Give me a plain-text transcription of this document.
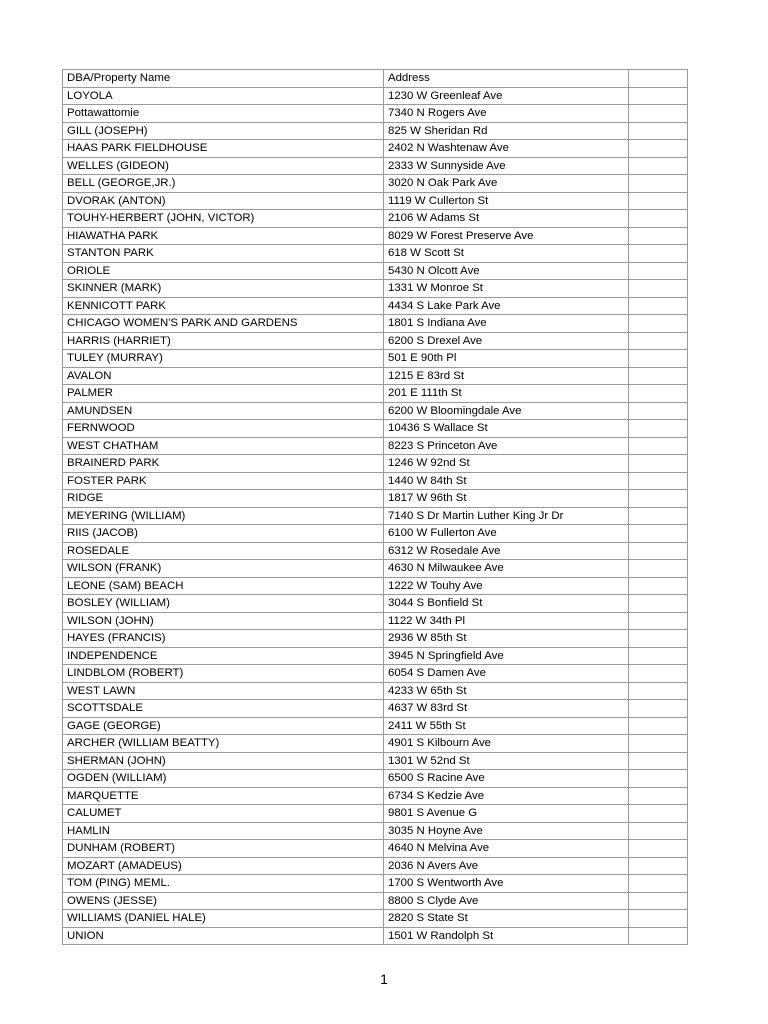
DBA/Property Name	Address	
LOYOLA	1230 W Greenleaf Ave	
Pottawattomie	7340 N Rogers Ave	
GILL (JOSEPH)	825 W Sheridan Rd	
HAAS PARK FIELDHOUSE	2402 N Washtenaw Ave	
WELLES (GIDEON)	2333 W Sunnyside Ave	
BELL (GEORGE,JR.)	3020 N Oak Park Ave	
DVORAK (ANTON)	1119 W Cullerton St	
TOUHY-HERBERT (JOHN, VICTOR)	2106 W Adams St	
HIAWATHA PARK	8029 W Forest Preserve Ave	
STANTON PARK	618 W Scott St	
ORIOLE	5430 N Olcott Ave	
SKINNER (MARK)	1331 W Monroe St	
KENNICOTT PARK	4434 S Lake Park Ave	
CHICAGO WOMEN'S PARK AND GARDENS	1801 S Indiana Ave	
HARRIS (HARRIET)	6200 S Drexel Ave	
TULEY (MURRAY)	501 E 90th Pl	
AVALON	1215 E 83rd St	
PALMER	201 E 111th St	
AMUNDSEN	6200 W Bloomingdale Ave	
FERNWOOD	10436 S Wallace St	
WEST CHATHAM	8223 S Princeton Ave	
BRAINERD PARK	1246 W 92nd St	
FOSTER PARK	1440 W 84th St	
RIDGE	1817 W 96th St	
MEYERING (WILLIAM)	7140 S Dr Martin Luther King Jr Dr	
RIIS (JACOB)	6100 W Fullerton Ave	
ROSEDALE	6312 W Rosedale Ave	
WILSON (FRANK)	4630 N Milwaukee Ave	
LEONE (SAM) BEACH	1222 W Touhy Ave	
BOSLEY (WILLIAM)	3044 S Bonfield St	
WILSON (JOHN)	1122 W 34th Pl	
HAYES (FRANCIS)	2936 W 85th St	
INDEPENDENCE	3945 N Springfield Ave	
LINDBLOM (ROBERT)	6054 S Damen Ave	
WEST LAWN	4233 W 65th St	
SCOTTSDALE	4637 W 83rd St	
GAGE (GEORGE)	2411 W 55th St	
ARCHER (WILLIAM BEATTY)	4901 S Kilbourn Ave	
SHERMAN (JOHN)	1301 W 52nd St	
OGDEN (WILLIAM)	6500 S Racine Ave	
MARQUETTE	6734 S Kedzie Ave	
CALUMET	9801 S Avenue G	
HAMLIN	3035 N Hoyne Ave	
DUNHAM (ROBERT)	4640 N Melvina Ave	
MOZART (AMADEUS)	2036 N Avers Ave	
TOM (PING) MEML.	1700 S Wentworth Ave	
OWENS (JESSE)	8800 S Clyde Ave	
WILLIAMS (DANIEL HALE)	2820 S State St	
UNION	1501 W Randolph St	
1
